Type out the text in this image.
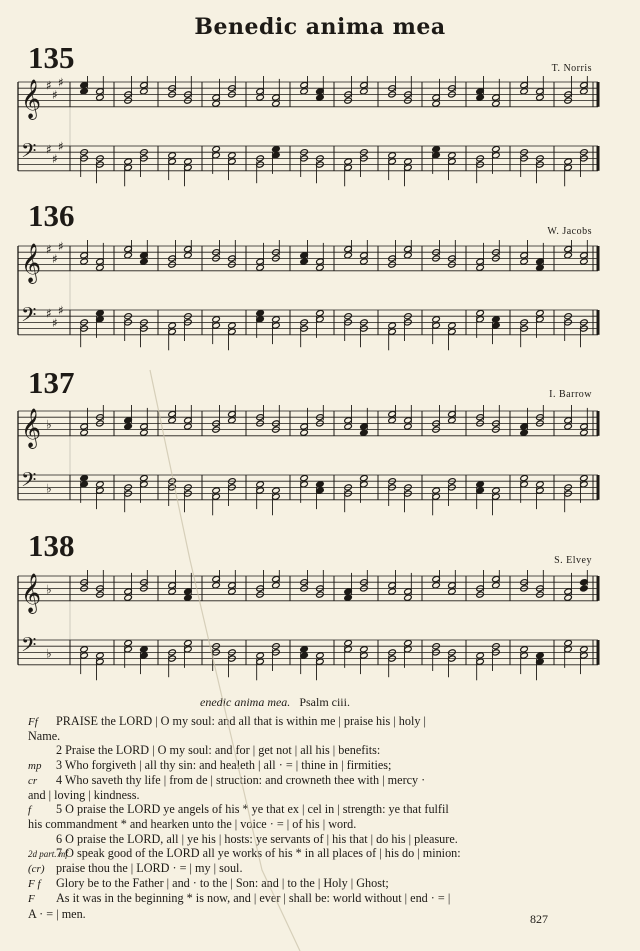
Benedic anima mea
135	T. Norris
𝄞 ♯
♯
♯
𝄢 ♯
♯
♯
136	W. Jacobs
𝄞 ♯
♯
♯
𝄢 ♯
♯
♯
137	I. Barrow
𝄞 ♭
𝄢 ♭
138	S. Elvey
𝄞 ♭
𝄢 ♭
enedic anima mea. Psalm ciii.
Ff PRAISE the LORD | O my soul: and all that is within me | praise his | holy |
Name.
2 Praise the LORD | O my soul: and for | get not | all his | benefits:
mp 3 Who forgiveth | all thy sin: and healeth | all · = | thine in | firmities;
cr 4 Who saveth thy life | from de | struction: and crowneth thee with | mercy ·
and | loving | kindness.
f 5 O praise the LORD ye angels of his * ye that ex | cel in | strength: ye that fulfil
his commandment * and hearken unto the | voice · = | of his | word.
6 O praise the LORD, all | ye his | hosts: ye servants of | his that | do his | pleasure.
2d part. mf7 O speak good of the LORD all ye works of his * in all places of | his do | minion:
(cr) praise thou the | LORD · = | my | soul.
F f Glory be to the Father | and · to the | Son: and | to the | Holy | Ghost;
F As it was in the beginning * is now, and | ever | shall be: world without | end · = |
A · = | men.	827
